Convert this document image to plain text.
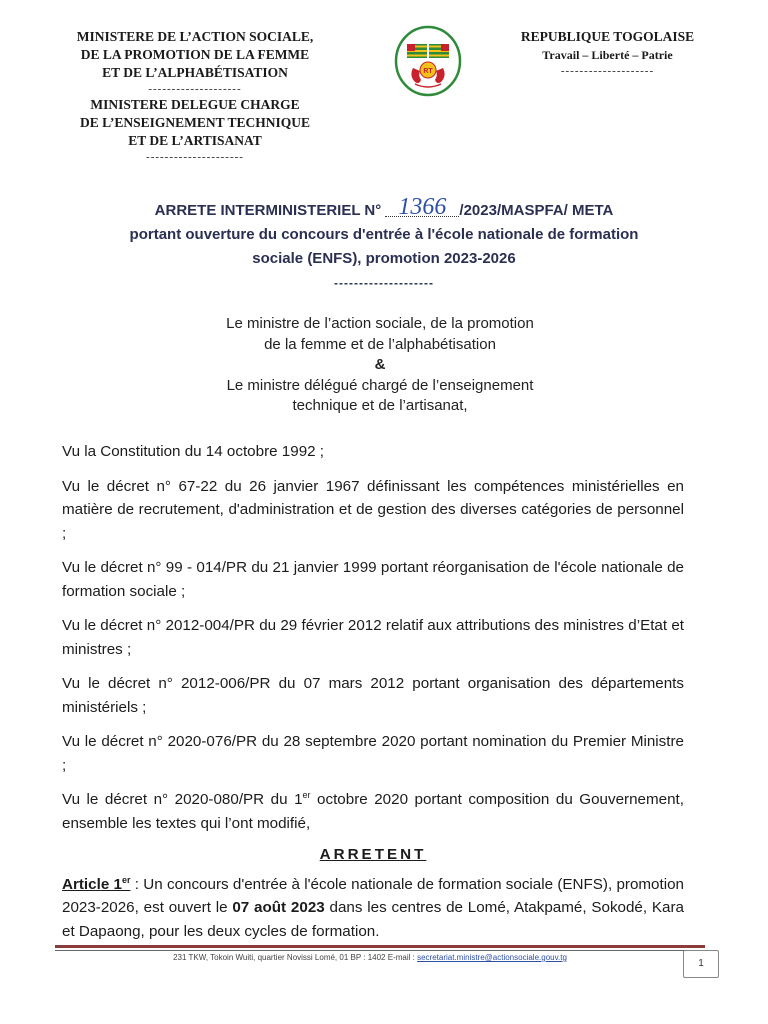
MINISTERE DE L’ACTION SOCIALE,
DE LA PROMOTION DE LA FEMME
ET DE L’ALPHABÉTISATION
--------------------
MINISTERE DELEGUE CHARGE
DE L’ENSEIGNEMENT TECHNIQUE
ET DE L’ARTISANAT
---------------------
RT
REPUBLIQUE TOGOLAISE
Travail – Liberté – Patrie
--------------------
ARRETE INTERMINISTERIEL N° 1366 /2023/MASPFA/ META
portant ouverture du concours d'entrée à l'école nationale de formation
sociale (ENFS), promotion 2023-2026
--------------------
Le ministre de l’action sociale, de la promotion
de la femme et de l’alphabétisation
&
Le ministre délégué chargé de l’enseignement
technique et de l’artisanat,

Vu la Constitution du 14 octobre 1992 ;

Vu le décret n° 67-22 du 26 janvier 1967 définissant les compétences ministérielles en matière de recrutement, d'administration et de gestion des diverses catégories de personnel ;

Vu le décret n° 99 - 014/PR du 21 janvier 1999 portant réorganisation de l'école nationale de formation sociale ;

Vu le décret n° 2012-004/PR du 29 février 2012 relatif aux attributions des ministres d’Etat et ministres ;

Vu le décret n° 2012-006/PR du 07 mars 2012 portant organisation des départements ministériels ;

Vu le décret n° 2020-076/PR du 28 septembre 2020 portant nomination du Premier Ministre ;

Vu le décret n° 2020-080/PR du 1er octobre 2020 portant composition du Gouvernement, ensemble les textes qui l’ont modifié,

ARRETENT

Article 1er : Un concours d'entrée à l'école nationale de formation sociale (ENFS), promotion 2023-2026, est ouvert le 07 août 2023 dans les centres de Lomé, Atakpamé, Sokodé, Kara et Dapaong, pour les deux cycles de formation.

231 TKW, Tokoin Wuiti, quartier Novissi Lomé, 01 BP : 1402 E-mail : secretariat.ministre@actionsociale.gouv.tg
1
